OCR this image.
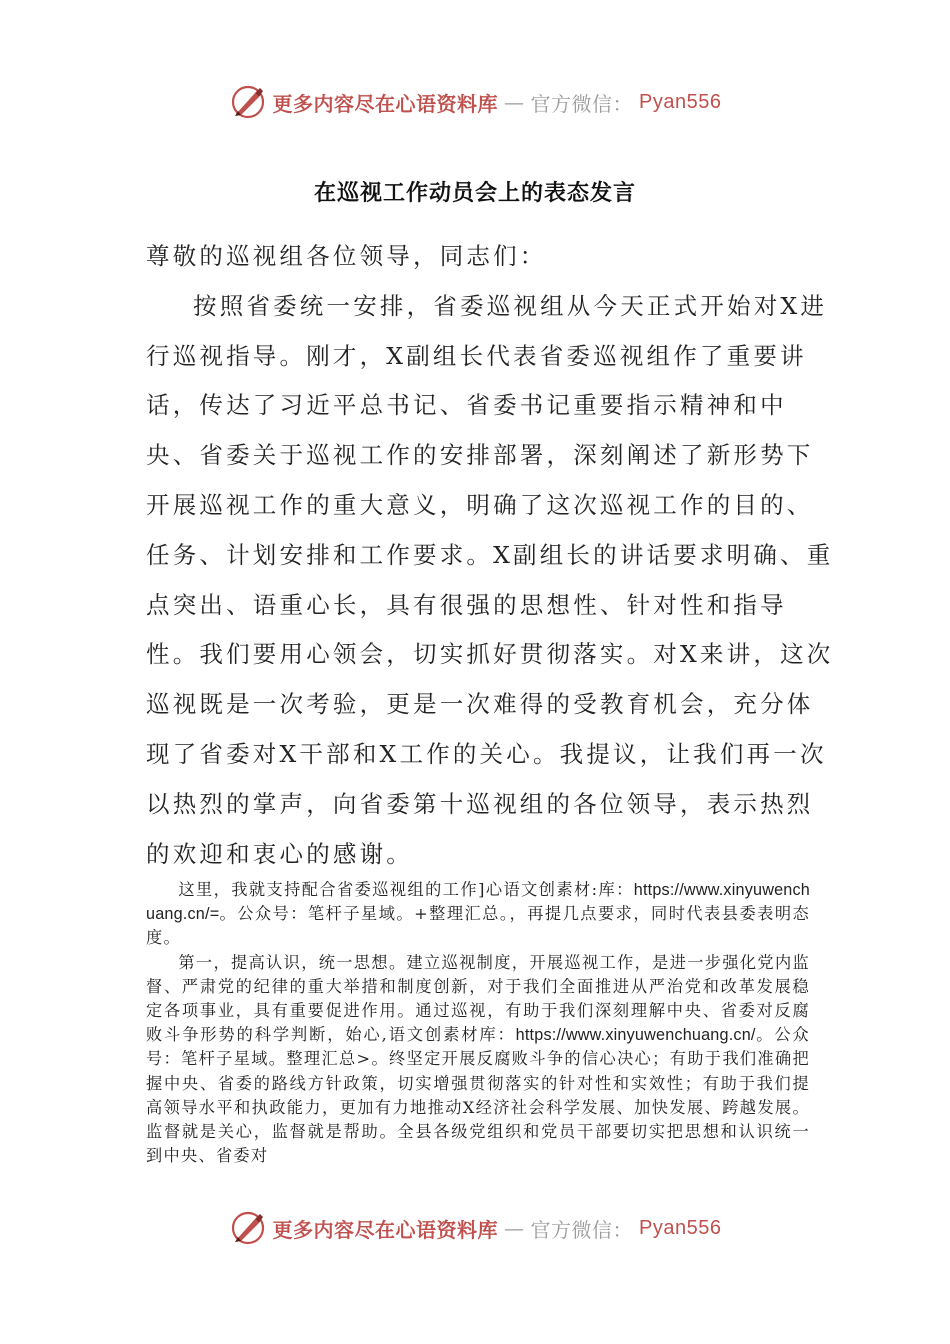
更多内容尽在心语资料库 — 官方微信： Pyan556
在巡视工作动员会上的表态发言

尊敬的巡视组各位领导，同志们：

按照省委统一安排，省委巡视组从今天正式开始对X进行巡视指导。刚才，X副组长代表省委巡视组作了重要讲话，传达了习近平总书记、省委书记重要指示精神和中央、省委关于巡视工作的安排部署，深刻阐述了新形势下开展巡视工作的重大意义，明确了这次巡视工作的目的、任务、计划安排和工作要求。X副组长的讲话要求明确、重点突出、语重心长，具有很强的思想性、针对性和指导性。我们要用心领会，切实抓好贯彻落实。对X来讲，这次巡视既是一次考验，更是一次难得的受教育机会，充分体现了省委对X干部和X工作的关心。我提议，让我们再一次以热烈的掌声，向省委第十巡视组的各位领导，表示热烈的欢迎和衷心的感谢。

这里，我就支持配合省委巡视组的工作]心语文创素材:库：https://www.xinyuwenchuang.cn/=。公众号：笔杆子星域。+整理汇总。，再提几点要求，同时代表县委表明态度。

第一，提高认识，统一思想。建立巡视制度，开展巡视工作，是进一步强化党内监督、严肃党的纪律的重大举措和制度创新，对于我们全面推进从严治党和改革发展稳定各项事业，具有重要促进作用。通过巡视，有助于我们深刻理解中央、省委对反腐败斗争形势的科学判断，始心,语文创素材库：https://www.xinyuwenchuang.cn/。公众号：笔杆子星域。整理汇总>。终坚定开展反腐败斗争的信心决心；有助于我们准确把握中央、省委的路线方针政策，切实增强贯彻落实的针对性和实效性；有助于我们提高领导水平和执政能力，更加有力地推动X经济社会科学发展、加快发展、跨越发展。监督就是关心，监督就是帮助。全县各级党组织和党员干部要切实把思想和认识统一到中央、省委对

更多内容尽在心语资料库 — 官方微信： Pyan556
